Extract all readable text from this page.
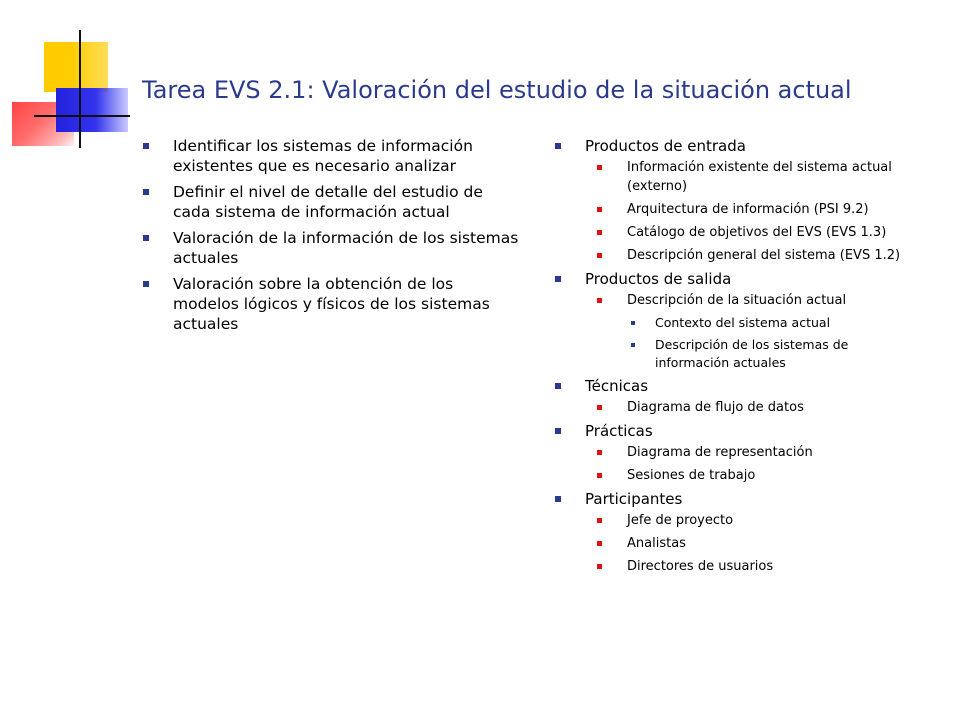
Tarea EVS 2.1: Valoración del estudio de la situación actual
Identificar los sistemas de información existentes que es necesario analizar
Definir el nivel de detalle del estudio de cada sistema de información actual
Valoración de la información de los sistemas actuales
Valoración sobre la obtención de los modelos lógicos y físicos de los sistemas actuales
Productos de entrada
Información existente del sistema actual (externo)
Arquitectura de información (PSI 9.2)
Catálogo de objetivos del EVS (EVS 1.3)
Descripción general del sistema (EVS 1.2)
Productos de salida
Descripción de la situación actual
Contexto del sistema actual
Descripción de los sistemas de información actuales
Técnicas
Diagrama de flujo de datos
Prácticas
Diagrama de representación
Sesiones de trabajo
Participantes
Jefe de proyecto
Analistas
Directores de usuarios
